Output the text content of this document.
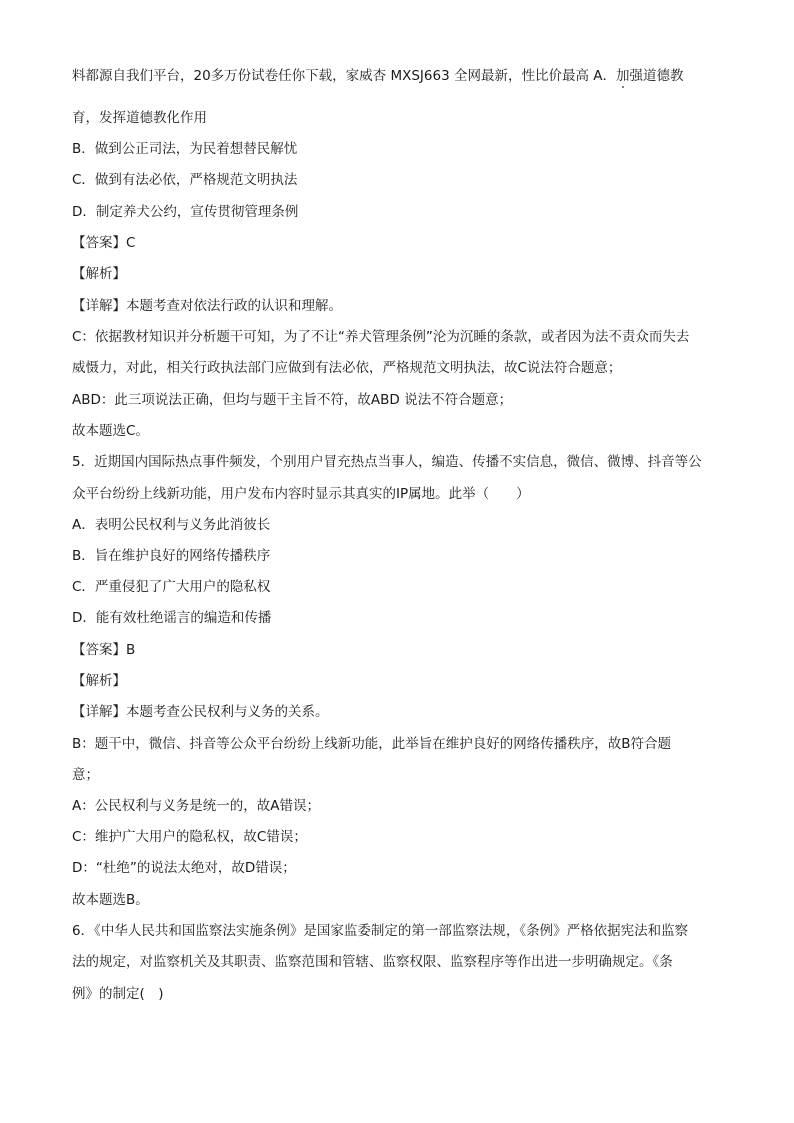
料都源自我们平台，20多万份试卷任你下载，家威杏 MXSJ663 全网最新，性比价最高 A．加强道德教
育，发挥道德教化作用
B．做到公正司法，为民着想替民解忧
C．做到有法必依，严格规范文明执法
D．制定养犬公约，宣传贯彻管理条例
【答案】C
【解析】
【详解】本题考查对依法行政的认识和理解。
C：依据教材知识并分析题干可知，为了不让“养犬管理条例”沦为沉睡的条款，或者因为法不责众而失去
威慑力，对此，相关行政执法部门应做到有法必依，严格规范文明执法，故C说法符合题意；
ABD：此三项说法正确，但均与题干主旨不符，故ABD 说法不符合题意；
故本题选C。
5．近期国内国际热点事件频发，个别用户冒充热点当事人，编造、传播不实信息，微信、微博、抖音等公
众平台纷纷上线新功能，用户发布内容时显示其真实的IP属地。此举（　　）
A．表明公民权利与义务此消彼长
B．旨在维护良好的网络传播秩序
C．严重侵犯了广大用户的隐私权
D．能有效杜绝谣言的编造和传播
【答案】B
【解析】
【详解】本题考查公民权利与义务的关系。
B：题干中，微信、抖音等公众平台纷纷上线新功能，此举旨在维护良好的网络传播秩序，故B符合题
意；
A：公民权利与义务是统一的，故A错误；
C：维护广大用户的隐私权，故C错误；
D：“杜绝”的说法太绝对，故D错误；
故本题选B。
6．《中华人民共和国监察法实施条例》是国家监委制定的第一部监察法规，《条例》严格依据宪法和监察
法的规定，对监察机关及其职责、监察范围和管辖、监察权限、监察程序等作出进一步明确规定。《条
例》的制定(　)
